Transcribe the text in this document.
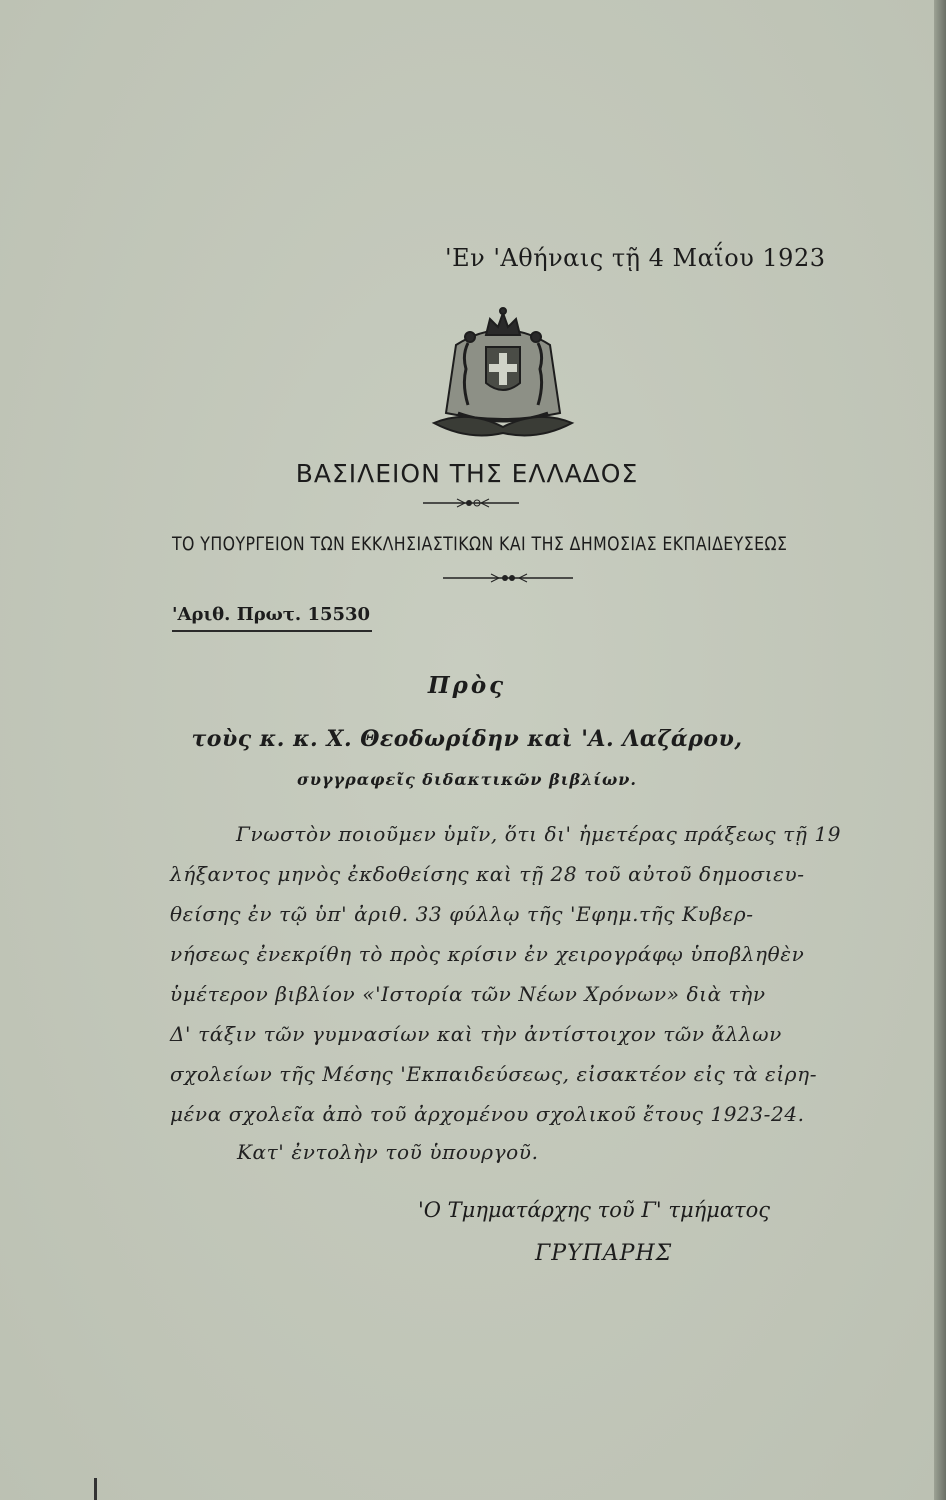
'Εν 'Αθήναις τῇ 4 Μαΐου 1923
ΒΑΣΙΛΕΙΟΝ ΤΗΣ ΕΛΛΑΔΟΣ
ΤΟ ΥΠΟΥΡΓΕΙΟΝ ΤΩΝ ΕΚΚΛΗΣΙΑΣΤΙΚΩΝ ΚΑΙ ΤΗΣ ΔΗΜΟΣΙΑΣ ΕΚΠΑΙΔΕΥΣΕΩΣ
'Αριθ. Πρωτ. 15530
Πρὸς
τοὺς κ. κ. Χ. Θεοδωρίδην καὶ 'Α. Λαζάρου,
συγγραφεῖς διδακτικῶν βιβλίων.
Γνωστὸν ποιοῦμεν ὑμῖν, ὅτι δι' ἡμετέρας πράξεως τῇ 19
λήξαντος μηνὸς ἐκδοθείσης καὶ τῇ 28 τοῦ αὐτοῦ δημοσιευ-
θείσης ἐν τῷ ὑπ' ἀριθ. 33 φύλλῳ τῆς 'Εφημ.τῆς Κυβερ-
νήσεως ἐνεκρίθη τὸ πρὸς κρίσιν ἐν χειρογράφῳ ὑποβληθὲν
ὑμέτερον βιβλίον «'Ιστορία τῶν Νέων Χρόνων» διὰ τὴν
Δ' τάξιν τῶν γυμνασίων καὶ τὴν ἀντίστοιχον τῶν ἄλλων
σχολείων τῆς Μέσης 'Εκπαιδεύσεως, εἰσακτέον εἰς τὰ εἰρη-
μένα σχολεῖα ἀπὸ τοῦ ἀρχομένου σχολικοῦ ἔτους 1923-24.
Κατ' ἐντολὴν τοῦ ὑπουργοῦ.
'Ο Τμηματάρχης τοῦ Γ' τμήματος
ΓΡΥΠΑΡΗΣ
